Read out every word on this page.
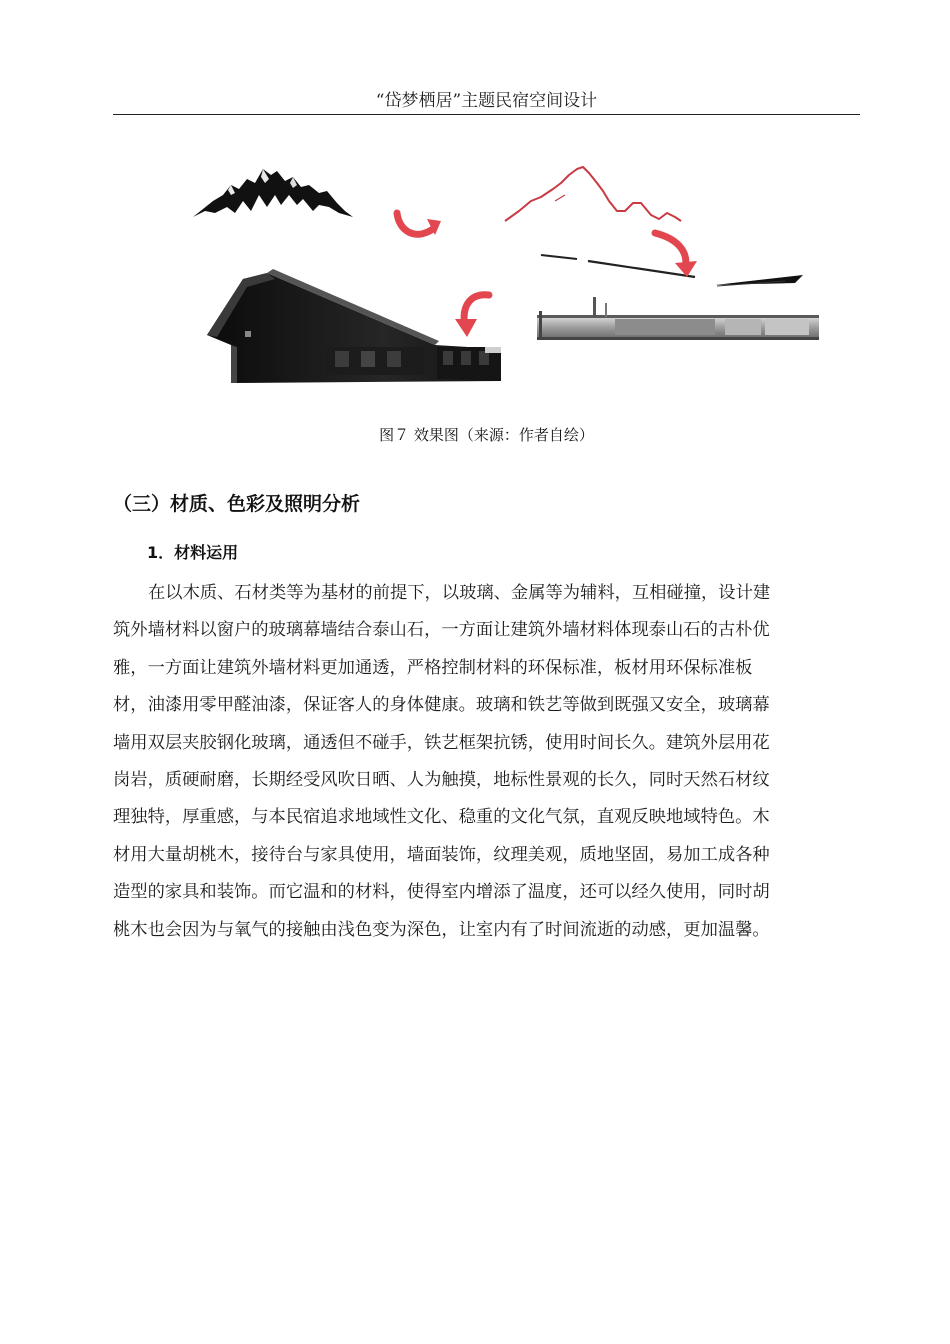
“岱梦栖居”主题民宿空间设计
图７ 效果图（来源：作者自绘）
（三）材质、色彩及照明分析
1．材料运用
在以木质、石材类等为基材的前提下，以玻璃、金属等为辅料，互相碰撞，设计建
筑外墙材料以窗户的玻璃幕墙结合泰山石，一方面让建筑外墙材料体现泰山石的古朴优
雅，一方面让建筑外墙材料更加通透，严格控制材料的环保标准，板材用环保标准板
材，油漆用零甲醛油漆，保证客人的身体健康。玻璃和铁艺等做到既强又安全，玻璃幕
墙用双层夹胶钢化玻璃，通透但不碰手，铁艺框架抗锈，使用时间长久。建筑外层用花
岗岩，质硬耐磨，长期经受风吹日晒、人为触摸，地标性景观的长久，同时天然石材纹
理独特，厚重感，与本民宿追求地域性文化、稳重的文化气氛，直观反映地域特色。木
材用大量胡桃木，接待台与家具使用，墙面装饰，纹理美观，质地坚固，易加工成各种
造型的家具和装饰。而它温和的材料，使得室内增添了温度，还可以经久使用，同时胡
桃木也会因为与氧气的接触由浅色变为深色，让室内有了时间流逝的动感，更加温馨。
